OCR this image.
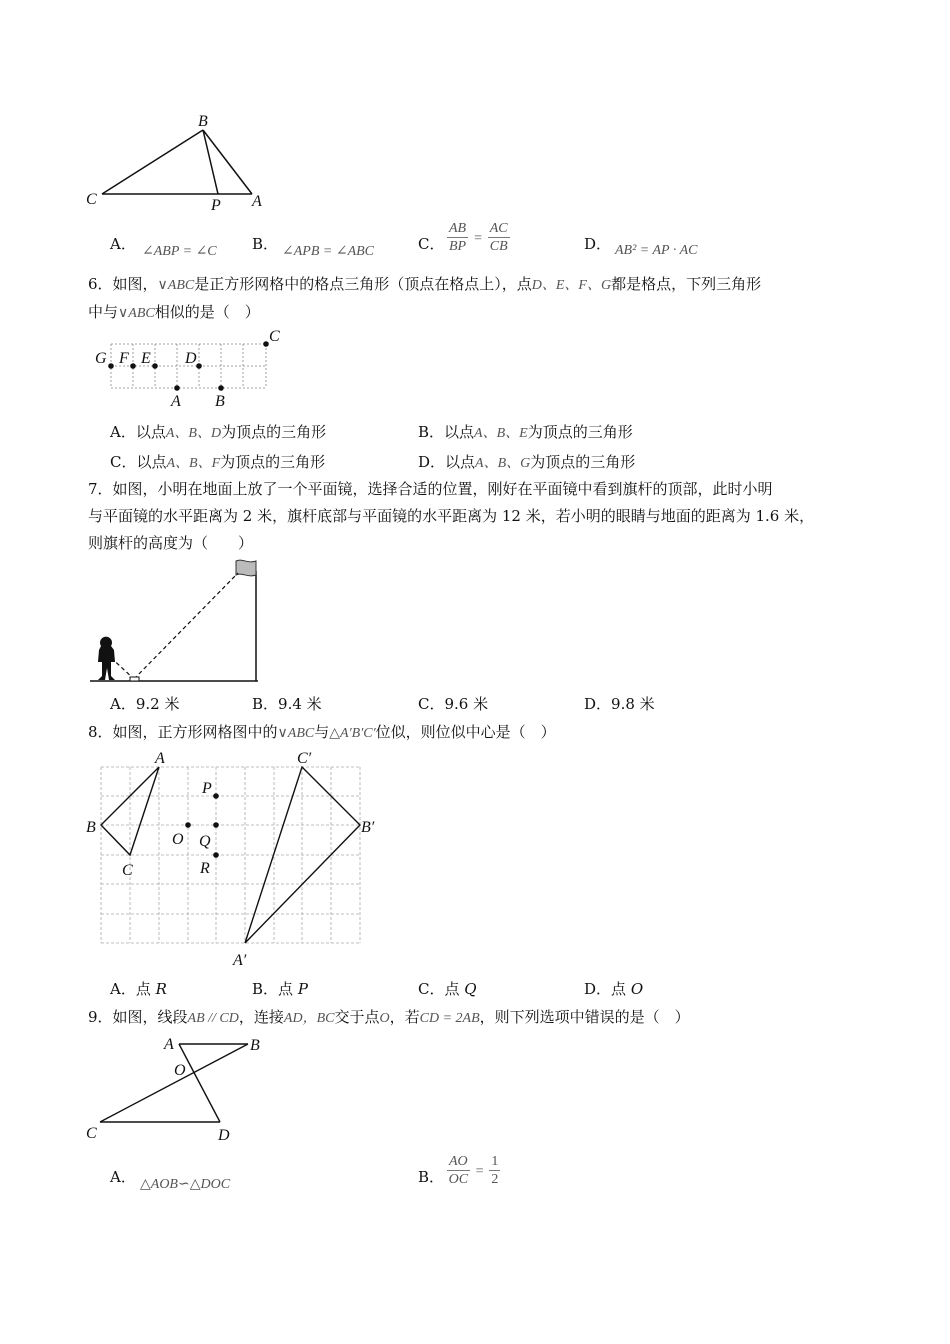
B
C	P A
A． ∠ABP = ∠C B． ∠APB = ∠ABC	C． $\frac{AB}{BP} = \frac{AC}{CB}$	D． AB² = AP · AC
6．如图，∨ABC是正方形网格中的格点三角形（顶点在格点上），点D、E、F、G都是格点，下列三角形
中与∨ABC相似的是（　）
G F E D
C
A B
A．以点A、B、D为顶点的三角形	B．以点A、B、E为顶点的三角形
C．以点A、B、F为顶点的三角形	D．以点A、B、G为顶点的三角形
7．如图，小明在地面上放了一个平面镜，选择合适的位置，刚好在平面镜中看到旗杆的顶部，此时小明
与平面镜的水平距离为 2 米，旗杆底部与平面镜的水平距离为 12 米，若小明的眼睛与地面的距离为 1.6 米，
则旗杆的高度为（　　）
A．9.2 米	B．9.4 米	C．9.6 米	D．9.8 米
8．如图，正方形网格图中的∨ABC与△A′B′C′位似，则位似中心是（　）
A
B
C
P
O Q
R
C′
B′
A′
A．点 R	B．点 P	C．点 Q	D．点 O
9．如图，线段AB // CD，连接AD，BC交于点O，若CD = 2AB，则下列选项中错误的是（　）
A	B
O
C	D
A． △AOB∽△DOC	B． $\frac{AO}{OC} = \frac{1}{2}$
